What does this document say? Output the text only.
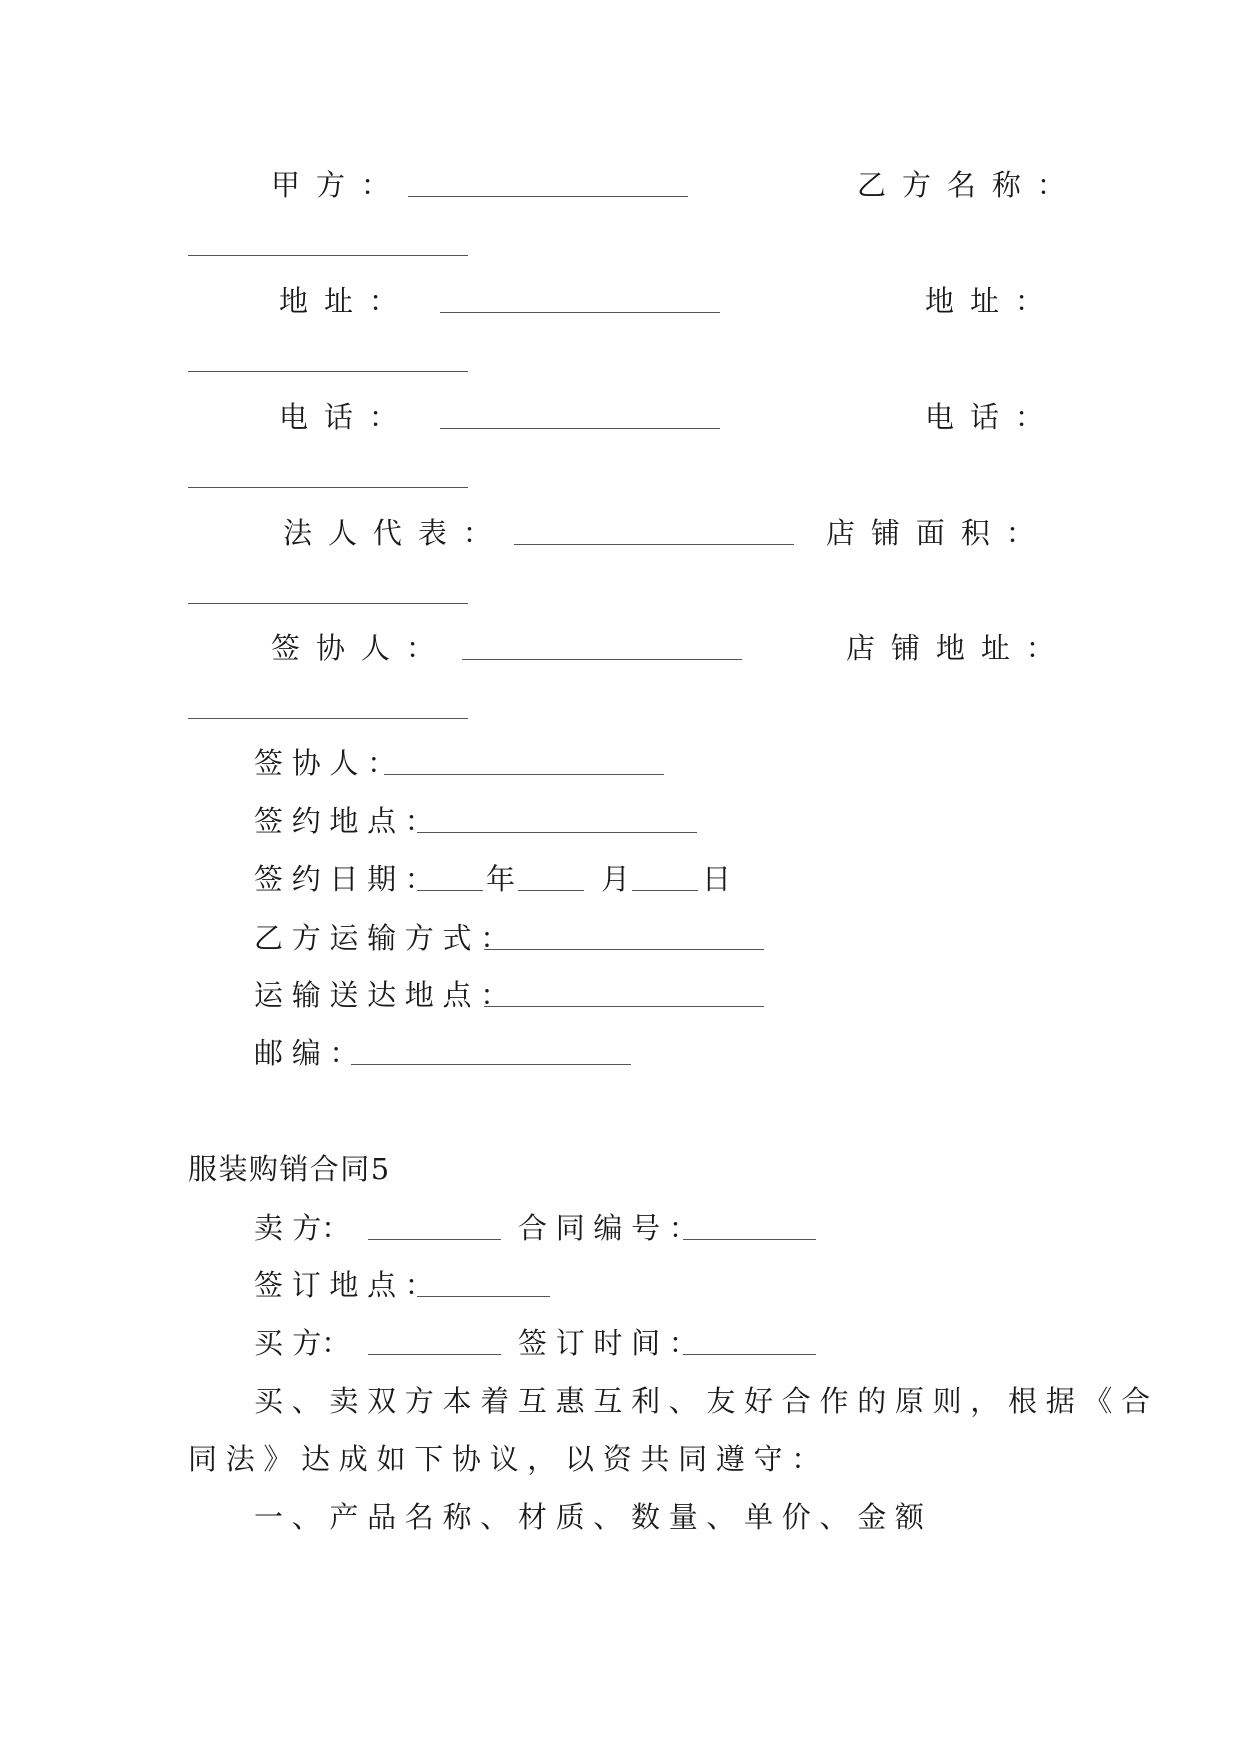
甲方：	乙方名称：
地址：	地址：
电话：	电话：
法人代表：	店铺面积：
签协人：	店铺地址：
签协人：
签约地点：
签约日期： 年	月 日
乙方运输方式：
运输送达地点：
邮编：
服装购销合同5
卖 方：	合同编号：
签订地点：
买 方：	签订时间：
买、卖双方本着互惠互利、友好合作的原则，根据《合
同法》达成如下协议，以资共同遵守：
一、产品名称、材质、数量、单价、金额
